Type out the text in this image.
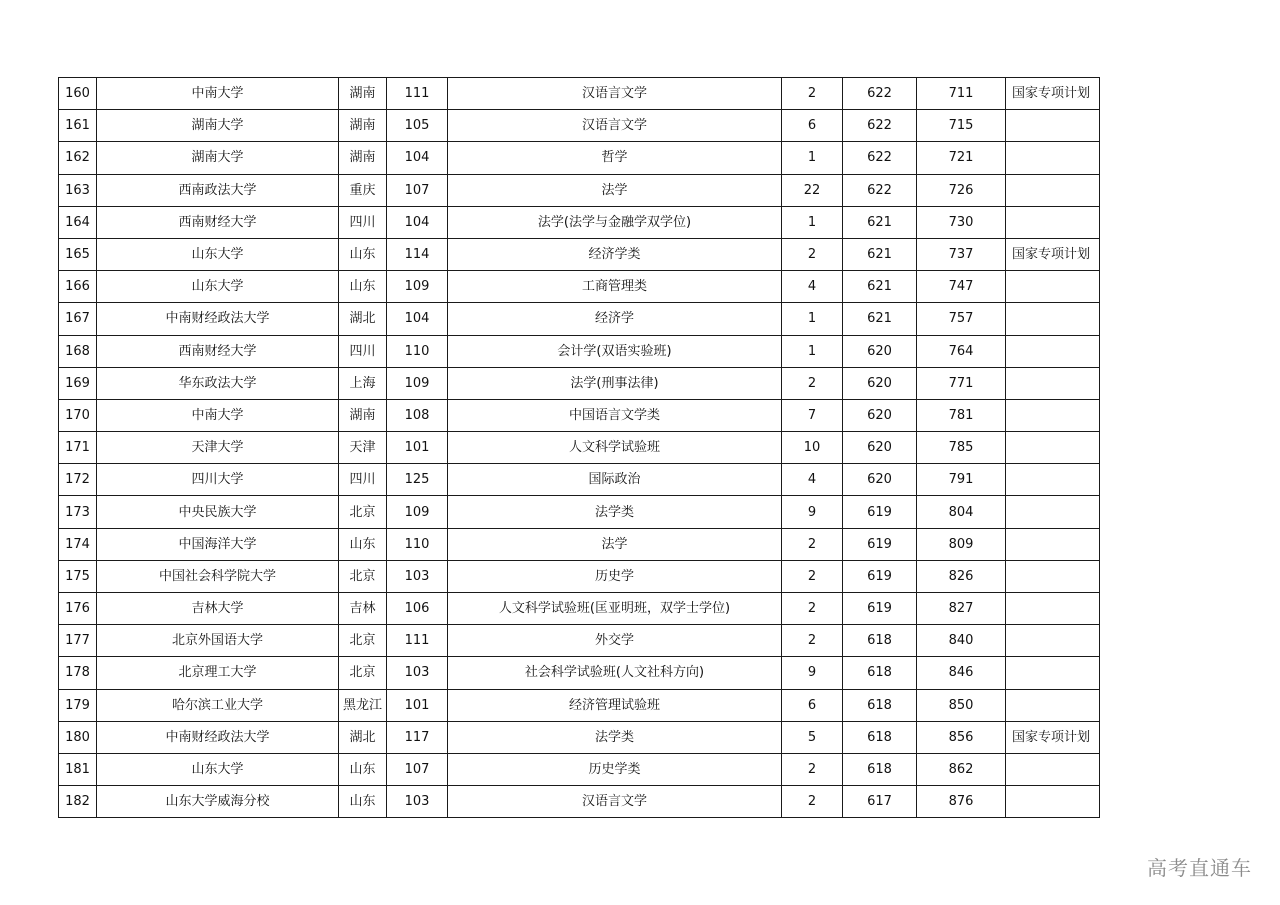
160	中南大学	湖南	111	汉语言文学	2	622	711	国家专项计划
161	湖南大学	湖南	105	汉语言文学	6	622	715	
162	湖南大学	湖南	104	哲学	1	622	721	
163	西南政法大学	重庆	107	法学	22	622	726	
164	西南财经大学	四川	104	法学(法学与金融学双学位)	1	621	730	
165	山东大学	山东	114	经济学类	2	621	737	国家专项计划
166	山东大学	山东	109	工商管理类	4	621	747	
167	中南财经政法大学	湖北	104	经济学	1	621	757	
168	西南财经大学	四川	110	会计学(双语实验班)	1	620	764	
169	华东政法大学	上海	109	法学(刑事法律)	2	620	771	
170	中南大学	湖南	108	中国语言文学类	7	620	781	
171	天津大学	天津	101	人文科学试验班	10	620	785	
172	四川大学	四川	125	国际政治	4	620	791	
173	中央民族大学	北京	109	法学类	9	619	804	
174	中国海洋大学	山东	110	法学	2	619	809	
175	中国社会科学院大学	北京	103	历史学	2	619	826	
176	吉林大学	吉林	106	人文科学试验班(匡亚明班，双学士学位)	2	619	827	
177	北京外国语大学	北京	111	外交学	2	618	840	
178	北京理工大学	北京	103	社会科学试验班(人文社科方向)	9	618	846	
179	哈尔滨工业大学	黑龙江	101	经济管理试验班	6	618	850	
180	中南财经政法大学	湖北	117	法学类	5	618	856	国家专项计划
181	山东大学	山东	107	历史学类	2	618	862	
182	山东大学威海分校	山东	103	汉语言文学	2	617	876	
高考直通车
